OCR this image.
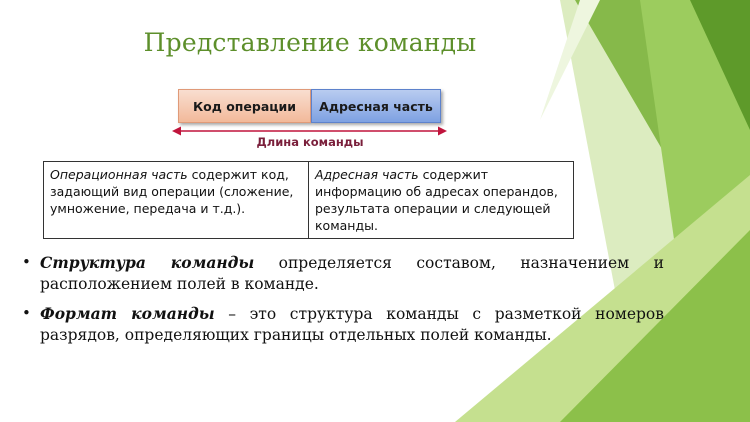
Представление команды
Код операции	Адресная часть
Длина команды
Операционная часть содержит код, задающий вид операции (сложение, умножение, передача и т.д.).	Адресная часть содержит информацию об адресах операндов, результата операции и следующей команды.
• Структура команды определяется составом, назначением и расположением полей в команде.
• Формат команды – это структура команды с разметкой номеров разрядов, определяющих границы отдельных полей команды.
